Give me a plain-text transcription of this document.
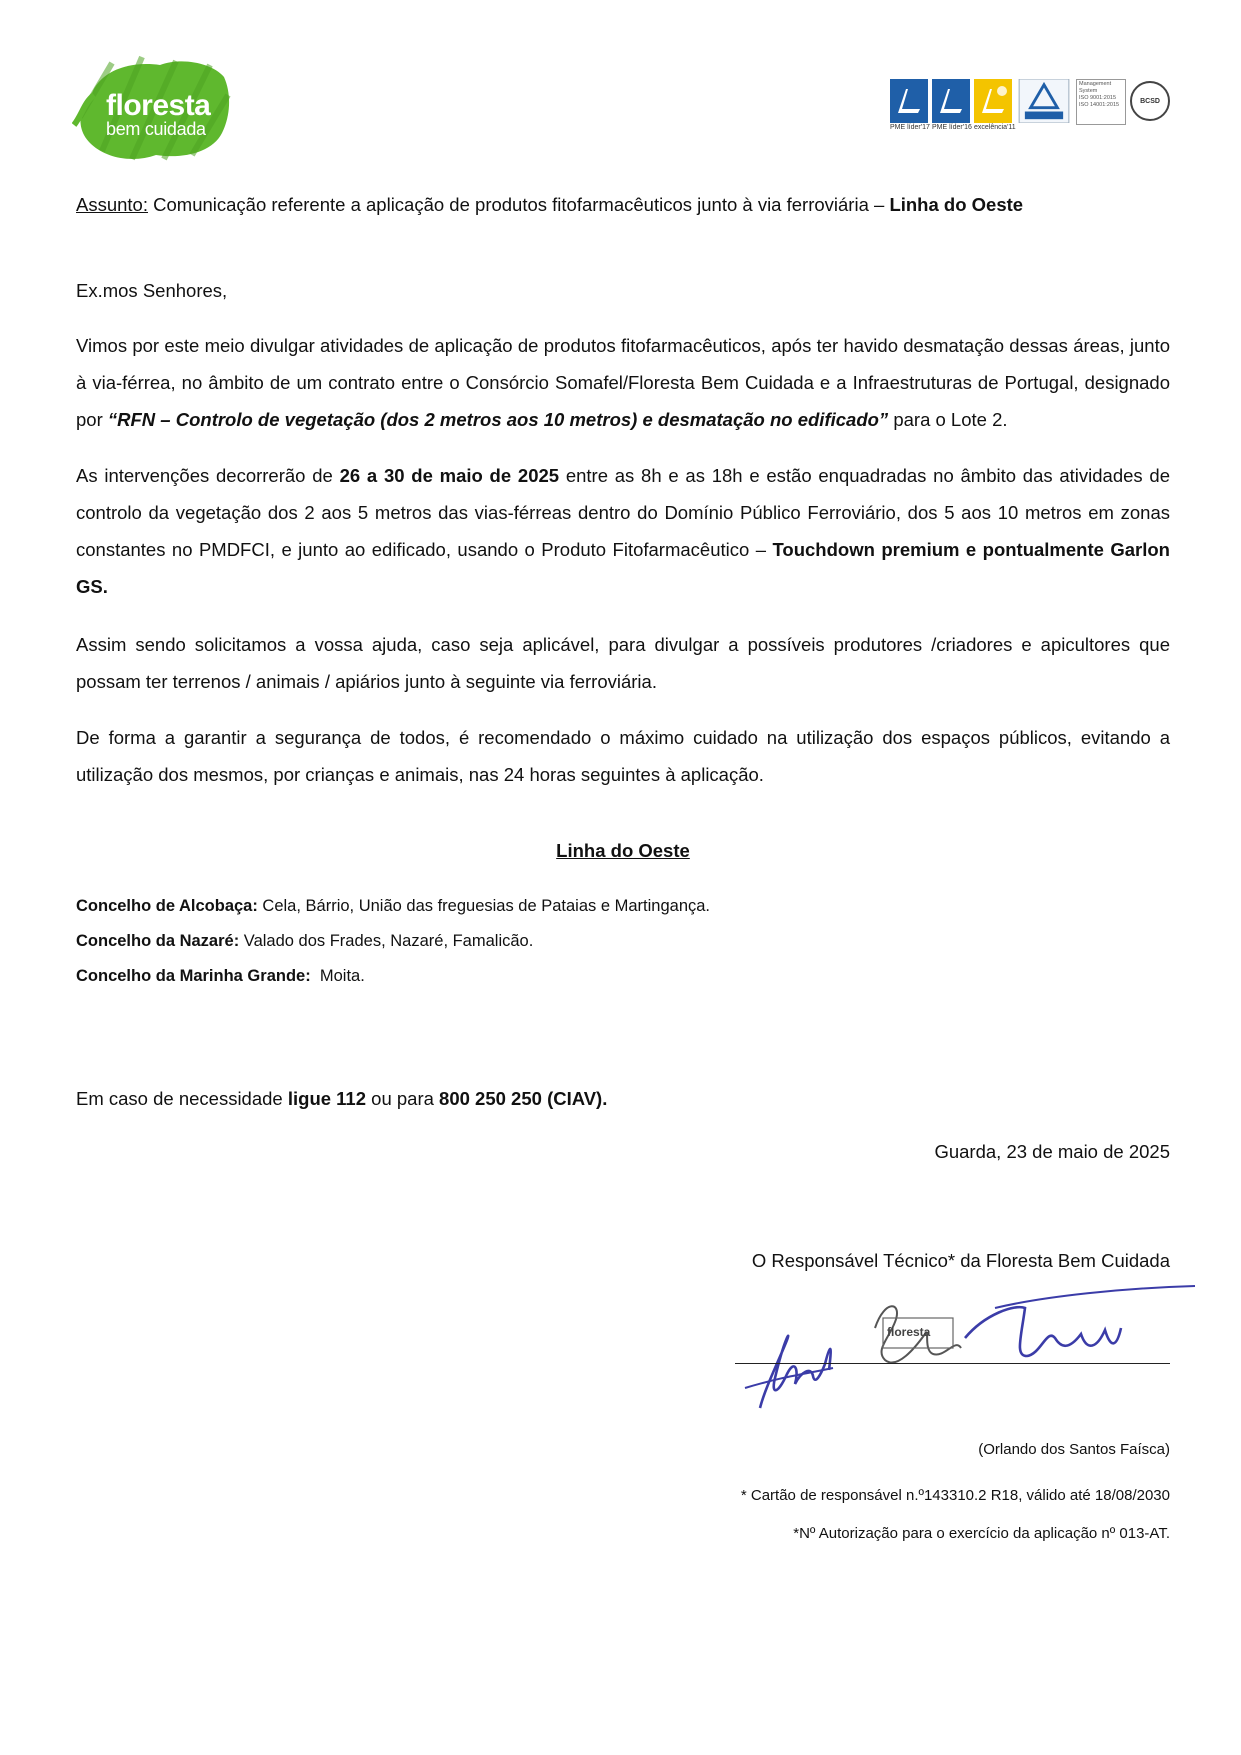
floresta
bem cuidada	PME líder'17 PME líder'16 excelência'11
Management
System
ISO 9001:2015
ISO 14001:2015
BCSD
Assunto: Comunicação referente a aplicação de produtos fitofarmacêuticos junto à via ferroviária – Linha do Oeste
Ex.mos Senhores,
Vimos por este meio divulgar atividades de aplicação de produtos fitofarmacêuticos, após ter havido desmatação dessas áreas, junto à via-férrea, no âmbito de um contrato entre o Consórcio Somafel/Floresta Bem Cuidada e a Infraestruturas de Portugal, designado por “RFN – Controlo de vegetação (dos 2 metros aos 10 metros) e desmatação no edificado” para o Lote 2.
As intervenções decorrerão de 26 a 30 de maio de 2025 entre as 8h e as 18h e estão enquadradas no âmbito das atividades de controlo da vegetação dos 2 aos 5 metros das vias-férreas dentro do Domínio Público Ferroviário, dos 5 aos 10 metros em zonas constantes no PMDFCI, e junto ao edificado, usando o Produto Fitofarmacêutico – Touchdown premium e pontualmente Garlon GS.
Assim sendo solicitamos a vossa ajuda, caso seja aplicável, para divulgar a possíveis produtores /criadores e apicultores que possam ter terrenos / animais / apiários junto à seguinte via ferroviária.
De forma a garantir a segurança de todos, é recomendado o máximo cuidado na utilização dos espaços públicos, evitando a utilização dos mesmos, por crianças e animais, nas 24 horas seguintes à aplicação.
Linha do Oeste
Concelho de Alcobaça: Cela, Bárrio, União das freguesias de Pataias e Martingança.
Concelho da Nazaré: Valado dos Frades, Nazaré, Famalicão.
Concelho da Marinha Grande:  Moita.
Em caso de necessidade ligue 112 ou para 800 250 250 (CIAV).
Guarda, 23 de maio de 2025
O Responsável Técnico* da Floresta Bem Cuidada
floresta
(Orlando dos Santos Faísca)
* Cartão de responsável n.º143310.2 R18, válido até 18/08/2030
*Nº Autorização para o exercício da aplicação nº 013-AT.
